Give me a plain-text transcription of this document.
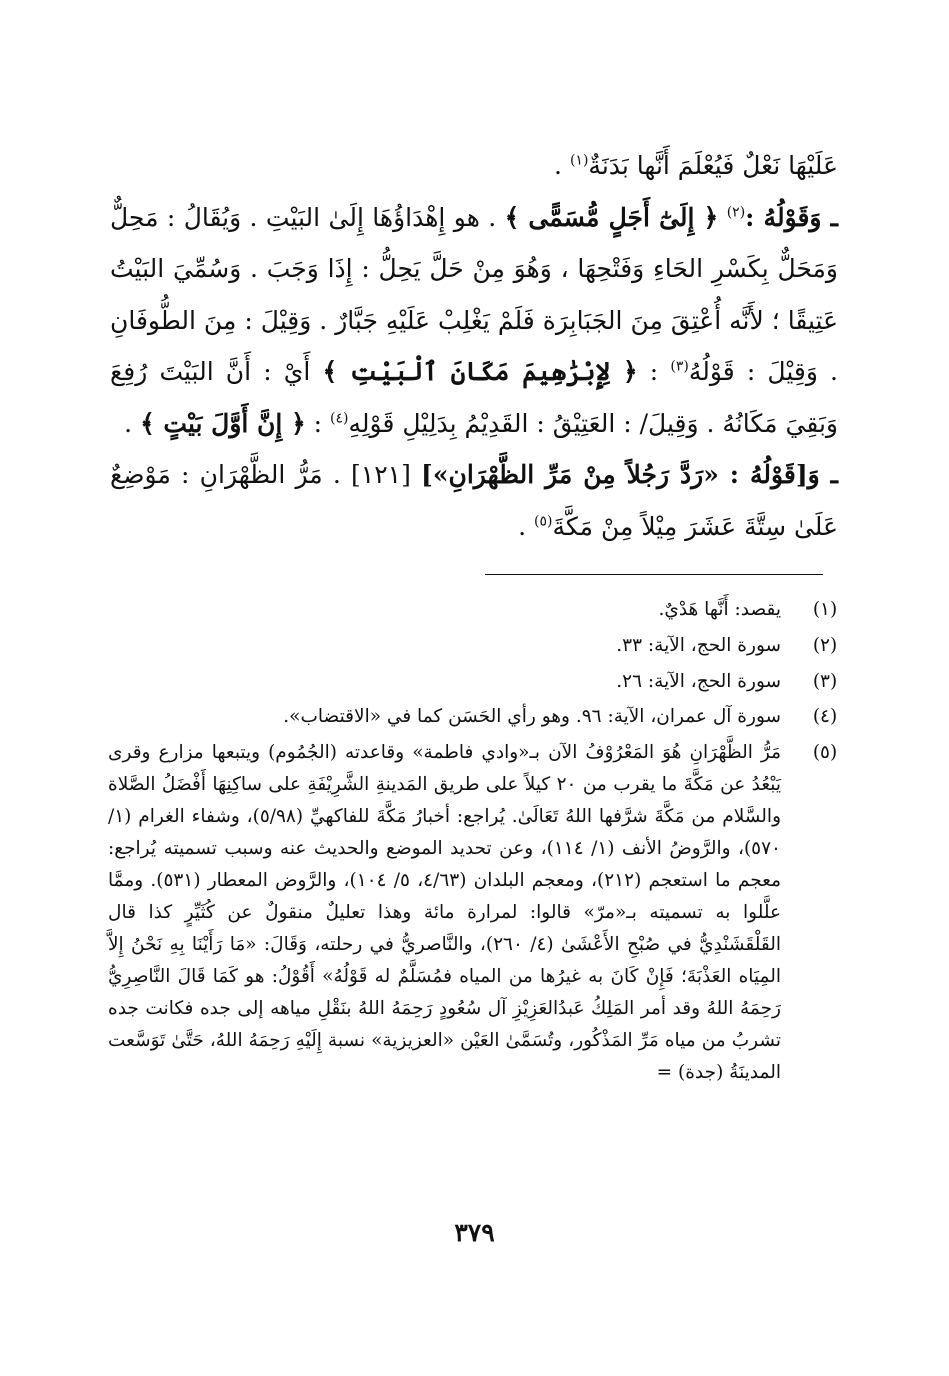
عَلَيْهَا نَعْلٌ فَيُعْلَمَ أَنَّها بَدَنَةٌ$^{(١)}$ .

ـ وَقَوْلُهُ :$^{(٢)}$ ﴿ إِلَىٰٓ أَجَلٍ مُّسَمًّى ﴾ . هو إِهْدَاؤُهَا إِلَىٰ البَيْتِ . وَيُقَالُ : مَحِلٌّ وَمَحَلٌّ بِكَسْرِ الحَاءِ وَفَتْحِهَا ، وَهُوَ مِنْ حَلَّ يَحِلُّ : إِذَا وَجَبَ . وَسُمِّيَ البَيْتُ عَتِيقًا ؛ لأَنَّه أُعْتِقَ مِنَ الجَبَابِرَة فَلَمْ يَغْلِبْ عَلَيْهِ جَبَّارٌ . وَقِيْلَ : مِنَ الطُّوفَانِ . وَقِيْلَ : قَوْلُهُ$^{(٣)}$ : ﴿ لِإِبْرَٰهِيمَ مَكَانَ ٱلْبَيْتِ ﴾ أَيْ : أَنَّ البَيْتَ رُفِعَ وَبَقِيَ مَكَانُهُ . وَقِيلَ/ : العَتِيْقُ : القَدِيْمُ بِدَلِيْلِ قَوْلِهِ$^{(٤)}$ : ﴿ إِنَّ أَوَّلَ بَيْتٍ ﴾ .

ـ وَ[قَوْلُهُ : «رَدَّ رَجُلاً مِنْ مَرِّ الظَّهْرَانِ»] [١٢١] . مَرُّ الظَّهْرَانِ : مَوْضِعٌ عَلَىٰ سِتَّةَ عَشَرَ مِيْلاً مِنْ مَكَّةَ$^{(٥)}$ .

(١)
يقصد: أَنَّها هَدْيٌ.
(٢)
سورة الحج، الآية: ٣٣.
(٣)
سورة الحج، الآية: ٢٦.
(٤)
سورة آل عمران، الآية: ٩٦. وهو رأي الحَسَن كما في «الاقتضاب».
(٥)
مَرُّ الظَّهْرَانِ هُوَ المَعْرُوْفُ الآن بـ«وادي فاطمة» وقاعدته (الجُمُوم) ويتبعها مزارع وقرى يَبْعُدُ عن مَكَّةَ ما يقرب من ٢٠ كيلاً على طريق المَدينةِ الشَّرِيْفَةِ على ساكِنِهَا أَفْضَلُ الصَّلاة والسَّلام من مَكَّةَ شرَّفها اللهُ تَعَالَىٰ. يُراجع: أخبارُ مَكَّةَ للفاكهيِّ (٥/٩٨)، وشفاء الغرام (١/ ٥٧٠)، والرَّوضُ الأنف (١/ ١١٤)، وعن تحديد الموضع والحديث عنه وسبب تسميته يُراجع: معجم ما استعجم (٢١٢)، ومعجم البلدان (٤/٦٣، ٥/ ١٠٤)، والرَّوض المعطار (٥٣١). وممَّا علَّلوا به تسميته بـ«مرّ» قالوا: لمرارة مائة وهذا تعليلٌ منقولٌ عن كُثَيِّرٍ كذا قال القَلْقَشَنْدِيُّ في صُبْحِ الأَعْشَىٰ (٤/ ٢٦٠)، والنَّاصريُّ في رحلته، وَقَالَ: «مَا رَأَيْنَا بِهِ نَحْنُ إِلاَّ المِيَاه العَذْبَةَ؛ فَإِنْ كَانَ به غيرُها من المياه فمُسَلَّمٌ له قَوْلُهُ» أَقُوْلُ: هو كَمَا قَالَ النَّاصِرِيُّ رَحِمَهُ اللهُ وقد أمر المَلِكُ عَبدُالعَزِيْزِ آل سُعُودٍ رَحِمَهُ اللهُ بنَقْلِ مياهه إلى جده فكانت جده تشربُ من مياه مَرِّ المَذْكُور، وتُسَمَّىٰ العَيْن «العزيزية» نسبة إِلَيْهِ رَحِمَهُ اللهُ، حَتَّىٰ تَوَسَّعت المدينَةُ (جدة) =
٣٧٩
